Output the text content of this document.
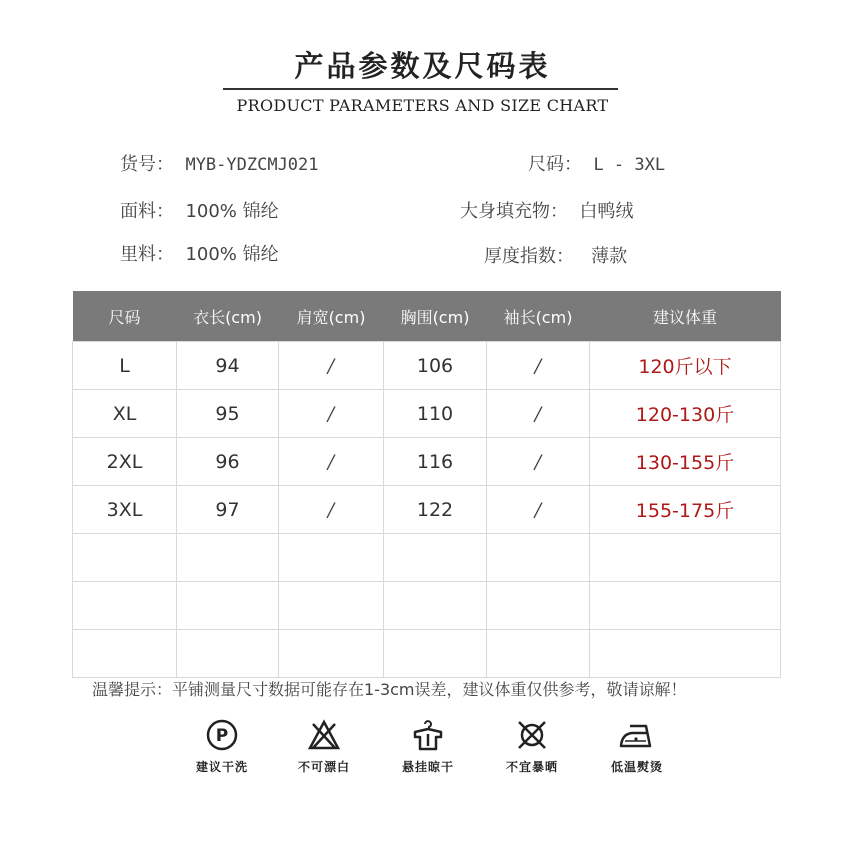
产品参数及尺码表
PRODUCT PARAMETERS AND SIZE CHART
货号： MYB-YDZCMJ021	尺码： L - 3XL
面料： 100% 锦纶	大身填充物： 白鸭绒
里料： 100% 锦纶	厚度指数： 薄款
尺码	衣长(cm)	肩宽(cm)	胸围(cm)	袖长(cm)	建议体重
L	94	/	106	/	120斤以下
XL	95	/	110	/	120-130斤
2XL	96	/	116	/	130-155斤
3XL	97	/	122	/	155-175斤

温馨提示：平铺测量尺寸数据可能存在1-3cm误差，建议体重仅供参考，敬请谅解！
P
建议干洗	不可漂白	悬挂晾干	不宜暴晒	低温熨烫
